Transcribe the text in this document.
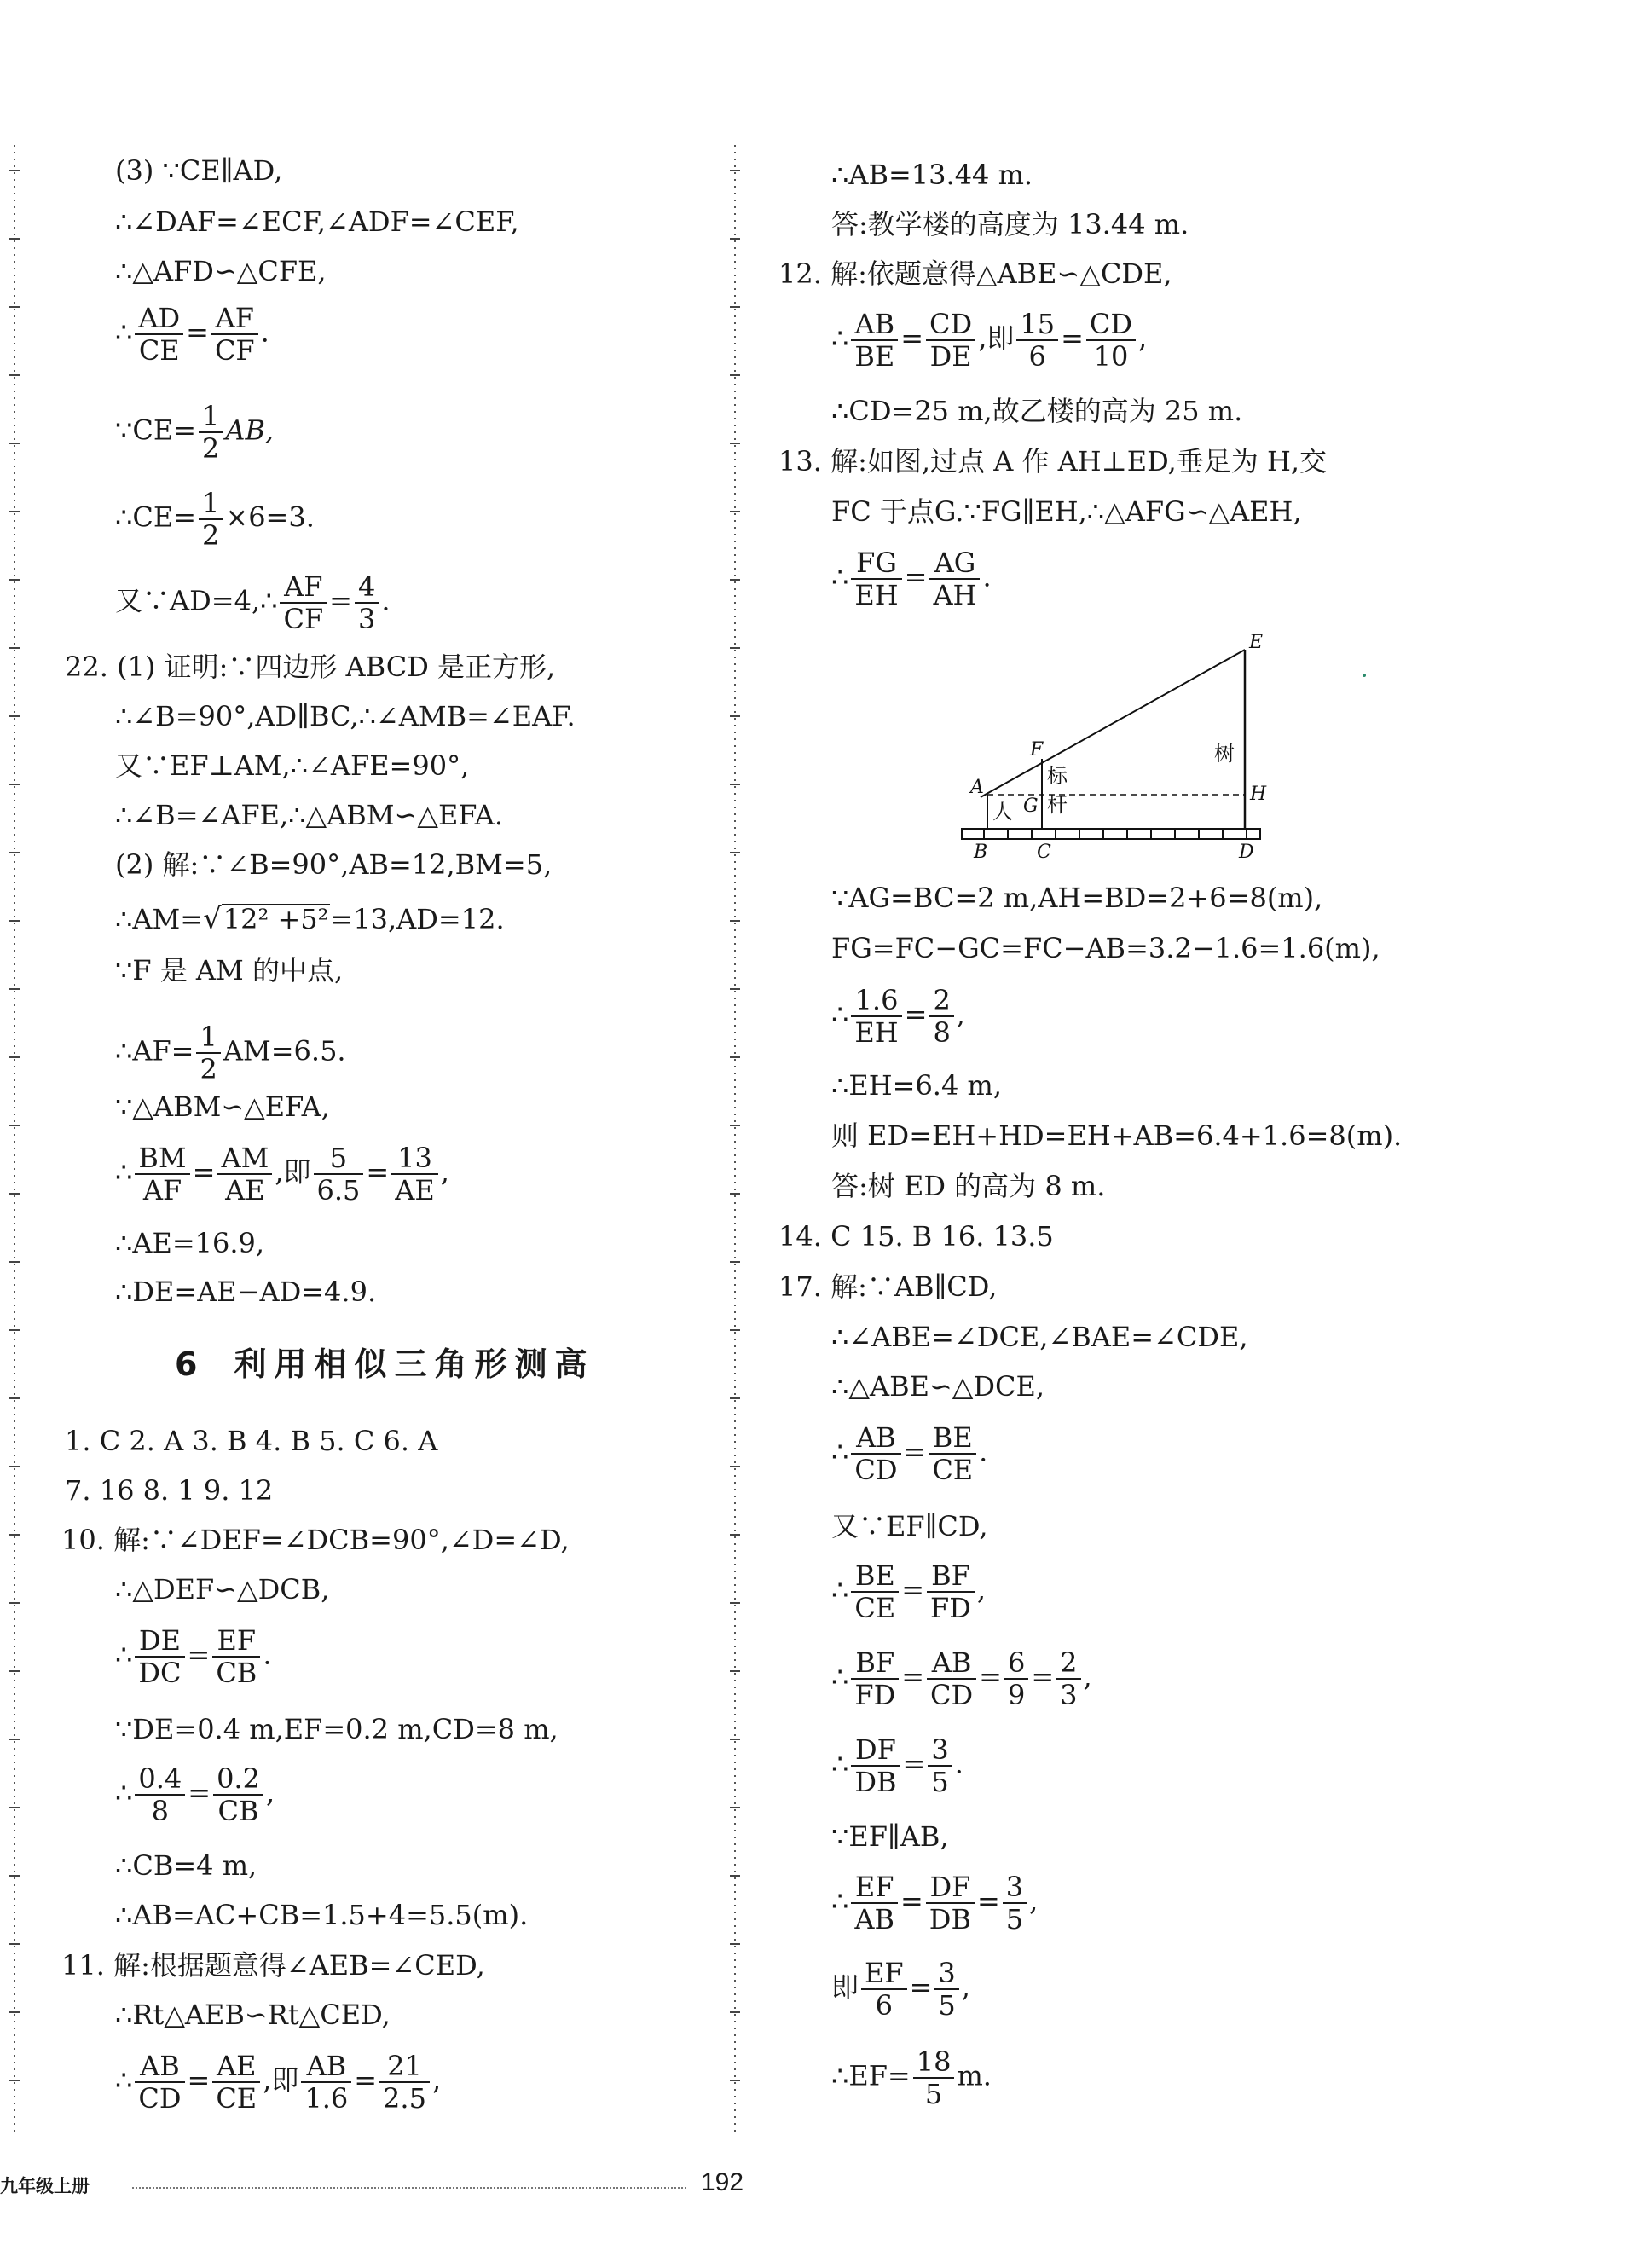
(3) ∵CE∥AD,
∴∠DAF=∠ECF,∠ADF=∠CEF,
∴△AFD∽△CFE,
∴ $\frac{AD}{CE} = \frac{AF}{CF}$ .
∵CE= $\frac{1}{2}$ AB,
∴CE= $\frac{1}{2} \times 6=3$.
又∵AD=4,∴ $\frac{AF}{CF} = \frac{4}{3}$ .
22. (1) 证明:∵四边形 ABCD 是正方形,
∴∠B=90°,AD∥BC,∴∠AMB=∠EAF.
又∵EF⊥AM,∴∠AFE=90°,
∴∠B=∠AFE,∴△ABM∽△EFA.
(2) 解:∵∠B=90°,AB=12,BM=5,
∴AM=√12² +5²=13,AD=12.
∵F 是 AM 的中点,
∴AF= $\frac{1}{2} AM=6.5$.
∵△ABM∽△EFA,
∴ $\frac{BM}{AF} = \frac{AM}{AE}$ ,即 $\frac{5}{6.5} = \frac{13}{AE}$ ,
∴AE=16.9,
∴DE=AE−AD=4.9.
6 利用相似三角形测高
1. C 2. A 3. B 4. B 5. C 6. A
7. 16 8. 1 9. 12
10. 解:∵∠DEF=∠DCB=90°,∠D=∠D,
∴△DEF∽△DCB,
∴ $\frac{DE}{DC} = \frac{EF}{CB}$ .
∵DE=0.4 m,EF=0.2 m,CD=8 m,
∴ $\frac{0.4}{8} = \frac{0.2}{CB}$ ,
∴CB=4 m,
∴AB=AC+CB=1.5+4=5.5(m).
11. 解:根据题意得∠AEB=∠CED,
∴Rt△AEB∽Rt△CED,
∴ $\frac{AB}{CD} = \frac{AE}{CE}$ ,即 $\frac{AB}{1.6} = \frac{21}{2.5}$ ,
∴AB=13.44 m.
答:教学楼的高度为 13.44 m.
12. 解:依题意得△ABE∽△CDE,
∴ $\frac{AB}{BE} = \frac{CD}{DE}$ ,即 $\frac{15}{6} = \frac{CD}{10}$ ,
∴CD=25 m,故乙楼的高为 25 m.
13. 解:如图,过点 A 作 AH⊥ED,垂足为 H,交
FC 于点G.∵FG∥EH,∴△AFG∽△AEH,
∴ $\frac{FG}{EH} = \frac{AG}{AH}$ .
E
F
A
G
H
B	C	D
人
标
杆
树
∵AG=BC=2 m,AH=BD=2+6=8(m),
FG=FC−GC=FC−AB=3.2−1.6=1.6(m),
∴ $\frac{1.6}{EH} = \frac{2}{8}$ ,
∴EH=6.4 m,
则 ED=EH+HD=EH+AB=6.4+1.6=8(m).
答:树 ED 的高为 8 m.
14. C 15. B 16. 13.5
17. 解:∵AB∥CD,
∴∠ABE=∠DCE,∠BAE=∠CDE,
∴△ABE∽△DCE,
∴ $\frac{AB}{CD} = \frac{BE}{CE}$ .
又∵EF∥CD,
∴ $\frac{BE}{CE} = \frac{BF}{FD}$ ,
∴ $\frac{BF}{FD} = \frac{AB}{CD} = \frac{6}{9} = \frac{2}{3}$ ,
∴ $\frac{DF}{DB} = \frac{3}{5}$ .
∵EF∥AB,
∴ $\frac{EF}{AB} = \frac{DF}{DB} = \frac{3}{5}$ ,
即 $\frac{EF}{6} = \frac{3}{5}$ ,
∴EF= $\frac{18}{5} m$.
九年级上册	192
